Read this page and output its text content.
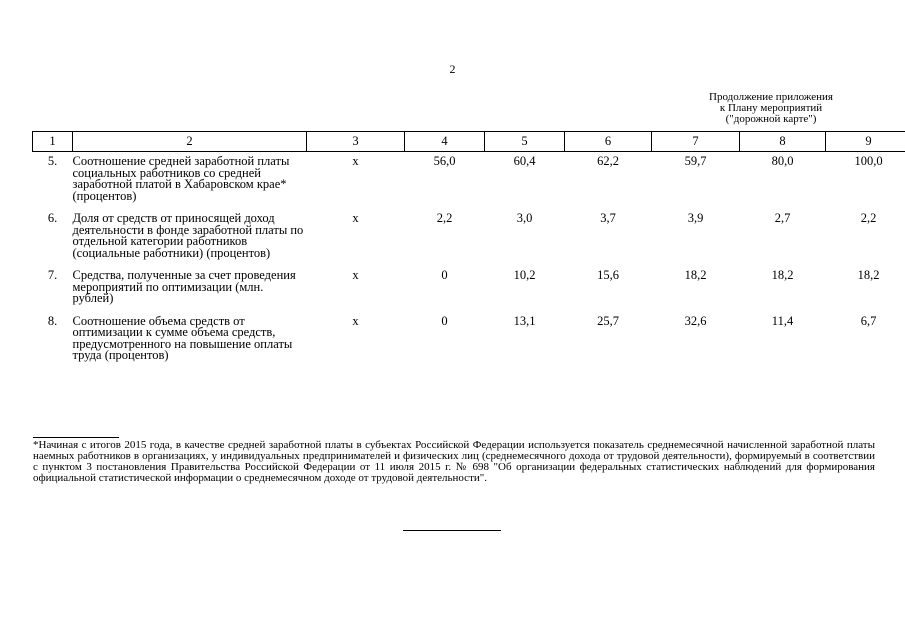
2
Продолжение приложения
к Плану мероприятий
("дорожной карте")
1	2	3	4	5	6	7	8	9
5.	Соотношение средней заработной платы социальных работников со средней заработной платой в Хабаровском крае* (процентов)	х	56,0	60,4	62,2	59,7	80,0	100,0
6.	Доля от средств от приносящей доход деятельности в фонде заработной платы по отдельной категории работников (социальные работники) (процентов)	х	2,2	3,0	3,7	3,9	2,7	2,2
7.	Средства, полученные за счет проведения мероприятий по оптимизации (млн. рублей)	х	0	10,2	15,6	18,2	18,2	18,2
8.	Соотношение объема средств от оптимизации к сумме объема средств, предусмотренного на повышение оплаты труда (процентов)	х	0	13,1	25,7	32,6	11,4	6,7
*Начиная с итогов 2015 года, в качестве средней заработной платы в субъектах Российской Федерации используется показатель среднемесячной начисленной заработной платы наемных работников в организациях, у индивидуальных предпринимателей и физических лиц (среднемесячного дохода от трудовой деятельности), формируемый в соответствии с пунктом 3 постановления Правительства Российской Федерации от 11 июля 2015 г. № 698 "Об организации федеральных статистических наблюдений для формирования официальной статистической информации о среднемесячном доходе от трудовой деятельности".
